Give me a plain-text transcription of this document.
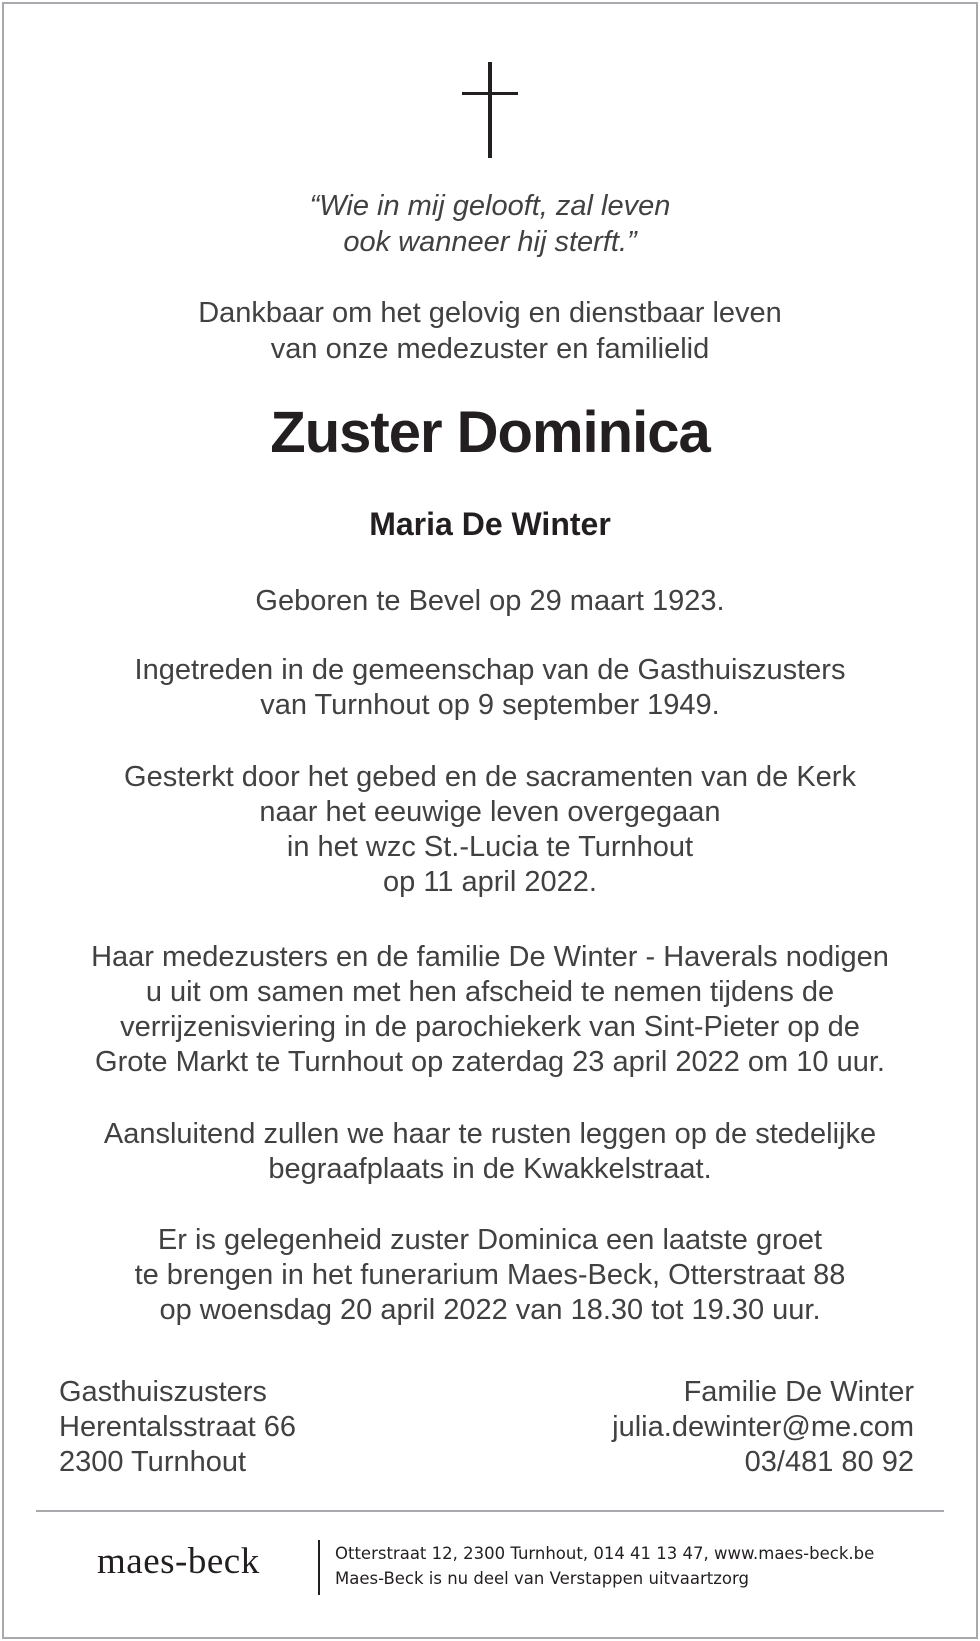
“Wie in mij gelooft, zal leven
ook wanneer hij sterft.”
Dankbaar om het gelovig en dienstbaar leven
van onze medezuster en familielid
Zuster Dominica
Maria De Winter
Geboren te Bevel op 29 maart 1923.
Ingetreden in de gemeenschap van de Gasthuiszusters
van Turnhout op 9 september 1949.
Gesterkt door het gebed en de sacramenten van de Kerk
naar het eeuwige leven overgegaan
in het wzc St.-Lucia te Turnhout
op 11 april 2022.
Haar medezusters en de familie De Winter - Haverals nodigen
u uit om samen met hen afscheid te nemen tijdens de
verrijzenisviering in de parochiekerk van Sint-Pieter op de
Grote Markt te Turnhout op zaterdag 23 april 2022 om 10 uur.
Aansluitend zullen we haar te rusten leggen op de stedelijke
begraafplaats in de Kwakkelstraat.
Er is gelegenheid zuster Dominica een laatste groet
te brengen in het funerarium Maes-Beck, Otterstraat 88
op woensdag 20 april 2022 van 18.30 tot 19.30 uur.
Gasthuiszusters
Herentalsstraat 66
2300 Turnhout
Familie De Winter
julia.dewinter@me.com
03/481 80 92
maes-beck	Otterstraat 12, 2300 Turnhout, 014 41 13 47, www.maes-beck.be
Maes-Beck is nu deel van Verstappen uitvaartzorg
